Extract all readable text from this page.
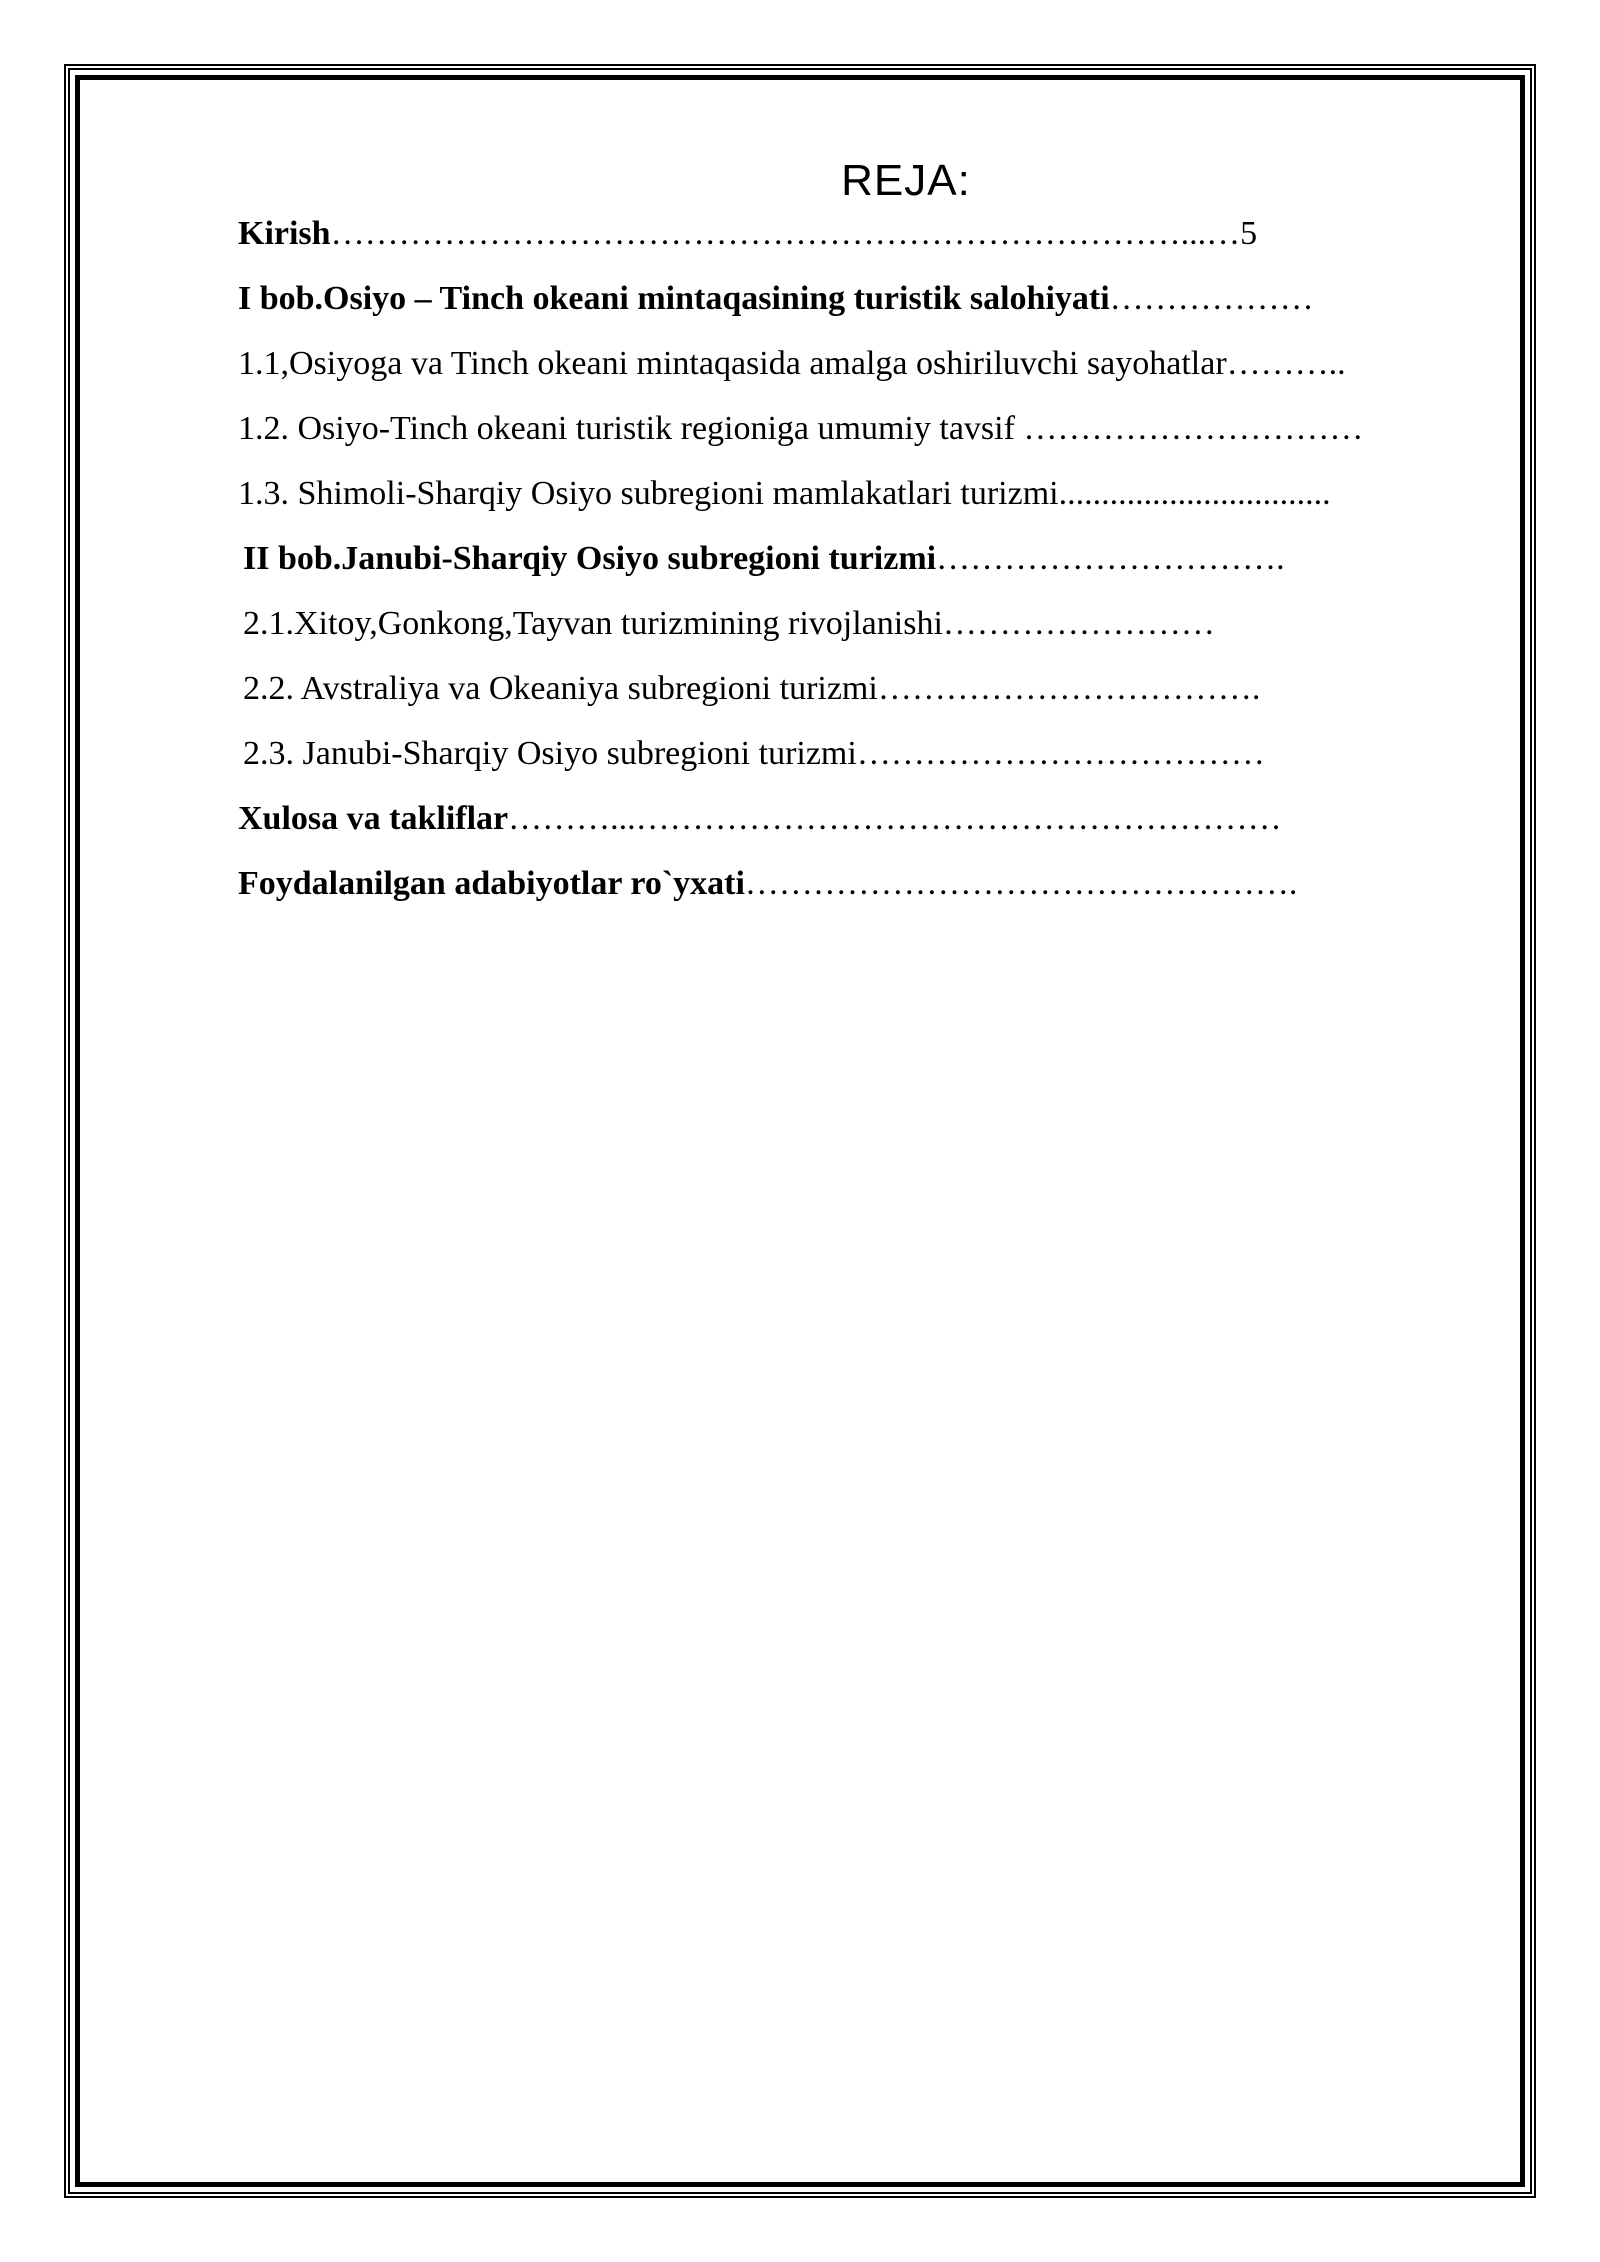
REJA:
Kirish…………………………………………………………………...…5
I bob.Osiyo – Tinch okeani mintaqasining turistik salohiyati………………
1.1,Osiyoga va Tinch okeani mintaqasida amalga oshiriluvchi sayohatlar………..
1.2. Osiyo-Tinch okeani turistik regioniga umumiy tavsif …………………………
1.3. Shimoli-Sharqiy Osiyo subregioni mamlakatlari turizmi................................
II bob.Janubi-Sharqiy Osiyo subregioni turizmi………………………….
2.1.Xitoy,Gonkong,Tayvan turizmining rivojlanishi……………………
2.2. Avstraliya va Okeaniya subregioni turizmi…………………………….
2.3. Janubi-Sharqiy Osiyo subregioni turizmi………………………………
Xulosa va takliflar………...…………………………………………………
Foydalanilgan adabiyotlar ro`yxati………………………………………….
